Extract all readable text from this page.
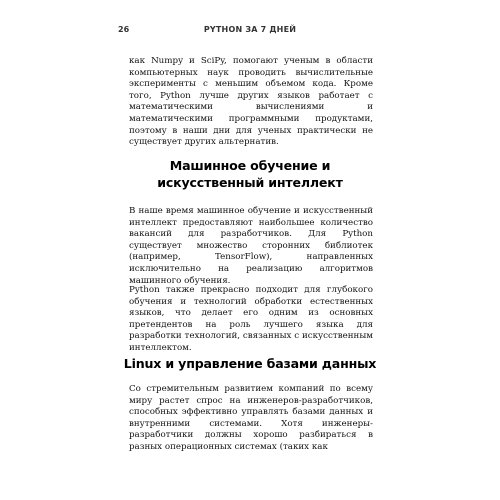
26	PYTHON ЗА 7 ДНЕЙ

как Numpy и SciPy, помогают ученым в области компьютерных наук проводить вычислительные эксперименты с меньшим объемом кода. Кроме того, Python лучше других языков работает с математическими вычислениями и математическими программными продуктами, поэтому в наши дни для ученых практически не существует других альтернатив.

Машинное обучение и искусственный интеллект

В наше время машинное обучение и искусственный интеллект предоставляют наибольшее количество вакансий для разработчиков. Для Python существует множество сторонних библиотек (например, TensorFlow), направленных исключительно на реализацию алгоритмов машинного обучения.

Python также прекрасно подходит для глубокого обучения и технологий обработки естественных языков, что делает его одним из основных претендентов на роль лучшего языка для разработки технологий, связанных с искусственным интеллектом.

Linux и управление базами данных

Со стремительным развитием компаний по всему миру растет спрос на инженеров-разработчиков, способных эффективно управлять базами данных и внутренними системами. Хотя инженеры-разработчики должны хорошо разбираться в разных операционных системах (таких как
